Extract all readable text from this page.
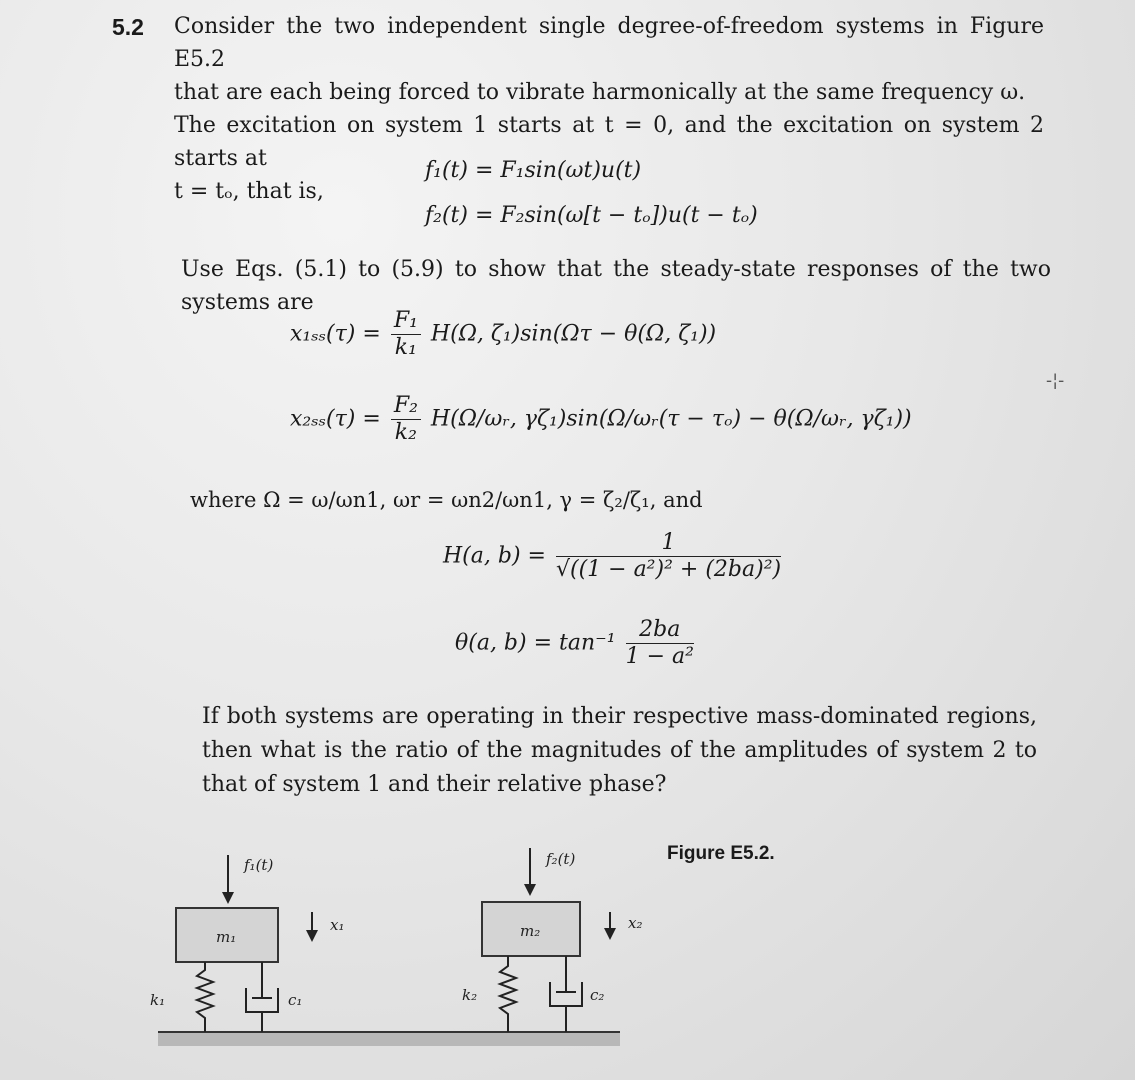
5.2 Consider the two independent single degree-of-freedom systems in Figure E5.2
that are each being forced to vibrate harmonically at the same frequency ω.
The excitation on system 1 starts at t = 0, and the excitation on system 2 starts at
t = tₒ, that is,
f₁(t) = F₁sin(ωt)u(t)
f₂(t) = F₂sin(ω[t − tₒ])u(t − tₒ)
Use Eqs. (5.1) to (5.9) to show that the steady-state responses of the two systems are
$x_{1ss}(\tau) = \frac{\text{F₁}}{\text{k₁}} H(\Omega$, ζ₁)sin(Ωτ − θ(Ω, ζ₁))
$x_{2ss}(\tau) = \frac{\text{F₂}}{\text{k₂}}$ H(Ω/ωᵣ, γζ₁)sin(Ω/ωᵣ(τ − τₒ) − θ(Ω/ωᵣ, γζ₁))
-¦-
where Ω = ω/ωn1, ωr = ωn2/ωn1, γ = ζ₂/ζ₁, and
H(a, $b) = \frac{1}{\text{√((1 − a²)² + (2ba)²)}}$
θ(a, $b) = \tan^{-1} \frac{2ba}{\text{1 − a²}}$
If both systems are operating in their respective mass-dominated regions, then what is the ratio of the magnitudes of the amplitudes of system 2 to that of system 1 and their relative phase?
Figure E5.2.
f₁(t)
m₁
x₁
k₁	c₁
f₂(t)
m₂	x₂
k₂	c₂
